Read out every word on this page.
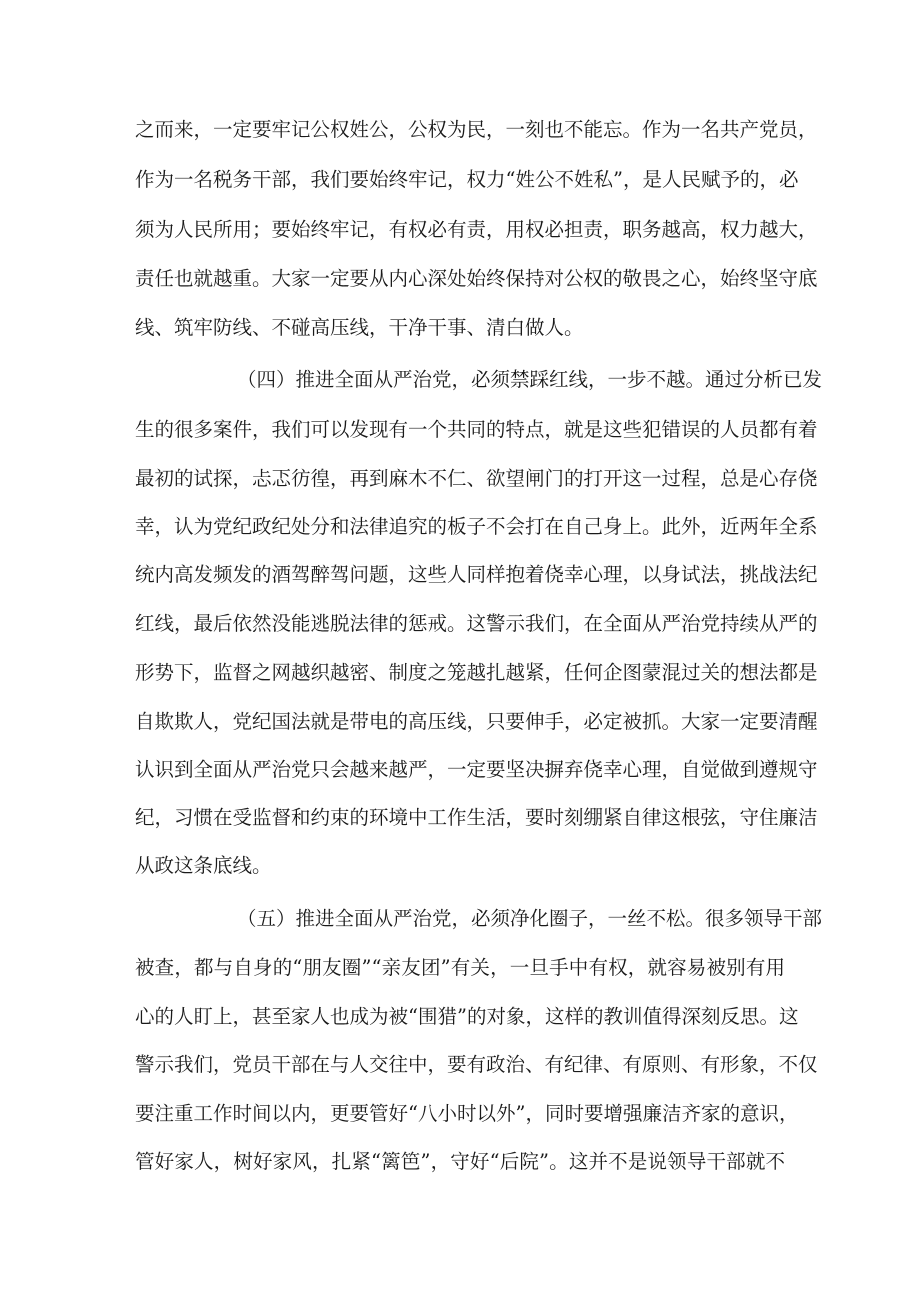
之而来，一定要牢记公权姓公，公权为民，一刻也不能忘。作为一名共产党员，
作为一名税务干部，我们要始终牢记，权力“姓公不姓私”，是人民赋予的，必
须为人民所用；要始终牢记，有权必有责，用权必担责，职务越高，权力越大，
责任也就越重。大家一定要从内心深处始终保持对公权的敬畏之心，始终坚守底
线、筑牢防线、不碰高压线，干净干事、清白做人。
（四）推进全面从严治党，必须禁踩红线，一步不越。通过分析已发
生的很多案件，我们可以发现有一个共同的特点，就是这些犯错误的人员都有着
最初的试探，忐忑彷徨，再到麻木不仁、欲望闸门的打开这一过程，总是心存侥
幸，认为党纪政纪处分和法律追究的板子不会打在自己身上。此外，近两年全系
统内高发频发的酒驾醉驾问题，这些人同样抱着侥幸心理，以身试法，挑战法纪
红线，最后依然没能逃脱法律的惩戒。这警示我们，在全面从严治党持续从严的
形势下，监督之网越织越密、制度之笼越扎越紧，任何企图蒙混过关的想法都是
自欺欺人，党纪国法就是带电的高压线，只要伸手，必定被抓。大家一定要清醒
认识到全面从严治党只会越来越严，一定要坚决摒弃侥幸心理，自觉做到遵规守
纪，习惯在受监督和约束的环境中工作生活，要时刻绷紧自律这根弦，守住廉洁
从政这条底线。
（五）推进全面从严治党，必须净化圈子，一丝不松。很多领导干部
被查，都与自身的“朋友圈”“亲友团”有关，一旦手中有权，就容易被别有用
心的人盯上，甚至家人也成为被“围猎”的对象，这样的教训值得深刻反思。这
警示我们，党员干部在与人交往中，要有政治、有纪律、有原则、有形象，不仅
要注重工作时间以内，更要管好“八小时以外”，同时要增强廉洁齐家的意识，
管好家人，树好家风，扎紧“篱笆”，守好“后院”。这并不是说领导干部就不
